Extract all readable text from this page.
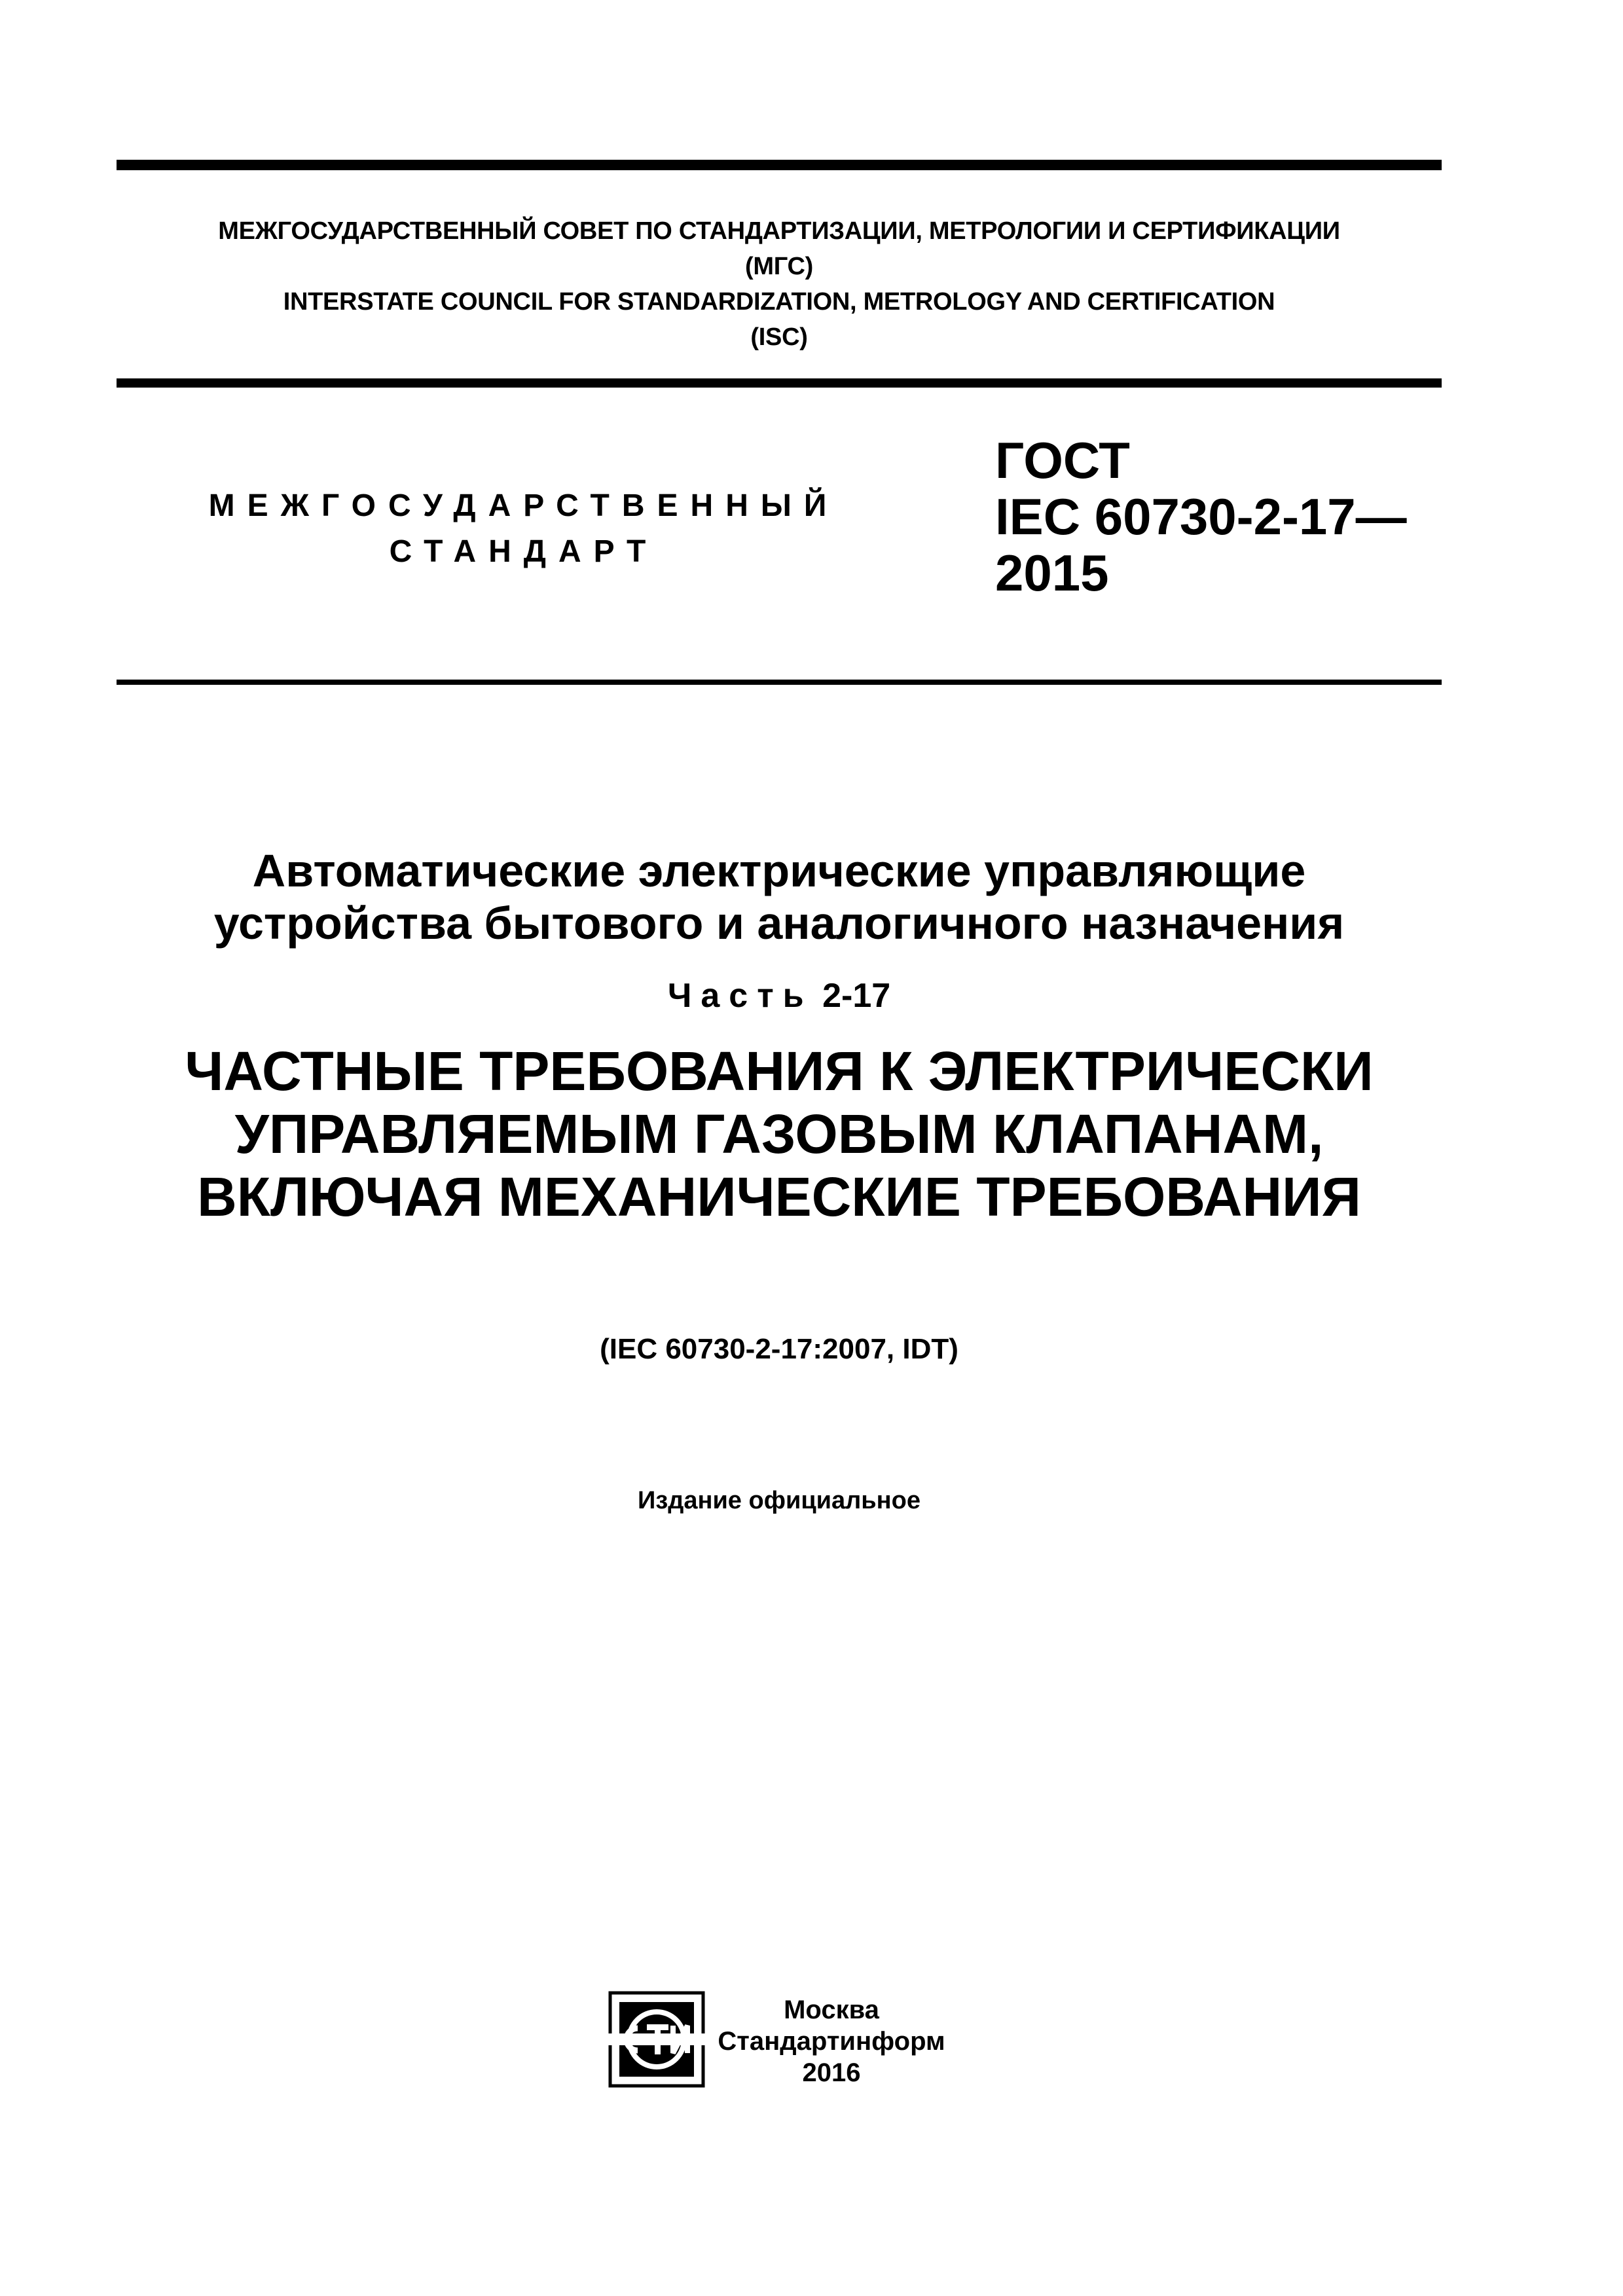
МЕЖГОСУДАРСТВЕННЫЙ СОВЕТ ПО СТАНДАРТИЗАЦИИ, МЕТРОЛОГИИ И СЕРТИФИКАЦИИ
(МГС)
INTERSTATE COUNCIL FOR STANDARDIZATION, METROLOGY AND CERTIFICATION
(ISC)
МЕЖГОСУДАРСТВЕННЫЙ
СТАНДАРТ
ГОСТ
IEC 60730-2-17—
2015
Автоматические электрические управляющие
устройства бытового и аналогичного назначения
Часть 2-17
ЧАСТНЫЕ ТРЕБОВАНИЯ К ЭЛЕКТРИЧЕСКИ
УПРАВЛЯЕМЫМ ГАЗОВЫМ КЛАПАНАМ,
ВКЛЮЧАЯ МЕХАНИЧЕСКИЕ ТРЕБОВАНИЯ
(IEC 60730-2-17:2007, IDT)
Издание официальное
Москва
Стандартинформ
2016
